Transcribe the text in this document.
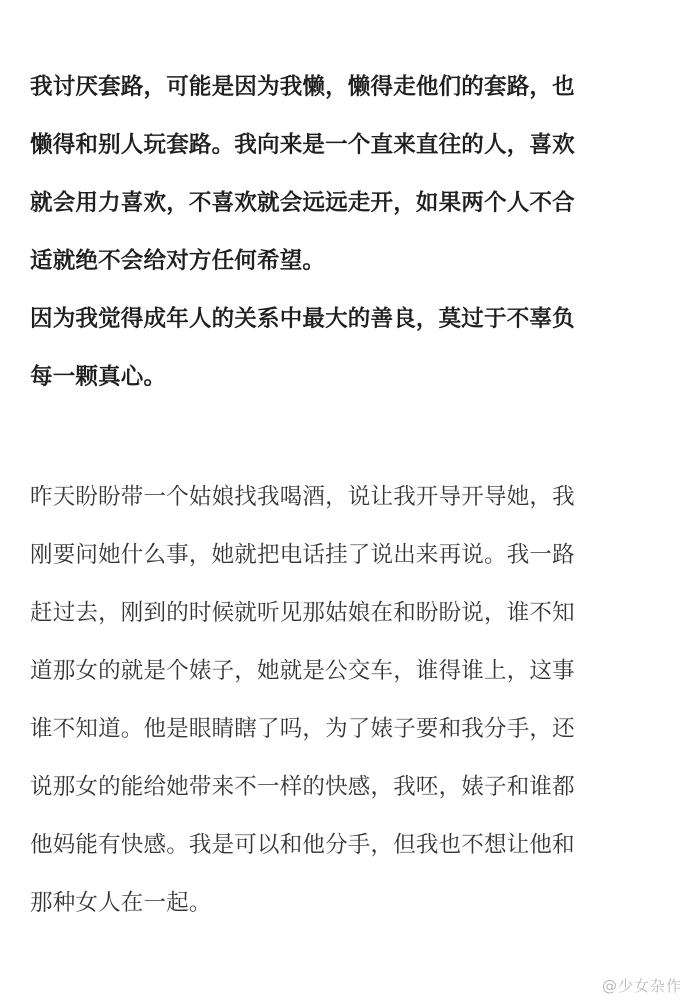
我讨厌套路，可能是因为我懒，懒得走他们的套路，也
懒得和别人玩套路。我向来是一个直来直往的人，喜欢
就会用力喜欢，不喜欢就会远远走开，如果两个人不合
适就绝不会给对方任何希望。
因为我觉得成年人的关系中最大的善良，莫过于不辜负
每一颗真心。
昨天盼盼带一个姑娘找我喝酒，说让我开导开导她，我
刚要问她什么事，她就把电话挂了说出来再说。我一路
赶过去，刚到的时候就听见那姑娘在和盼盼说，谁不知
道那女的就是个婊子，她就是公交车，谁得谁上，这事
谁不知道。他是眼睛瞎了吗，为了婊子要和我分手，还
说那女的能给她带来不一样的快感，我呸，婊子和谁都
他妈能有快感。我是可以和他分手，但我也不想让他和
那种女人在一起。
@少女杂作
